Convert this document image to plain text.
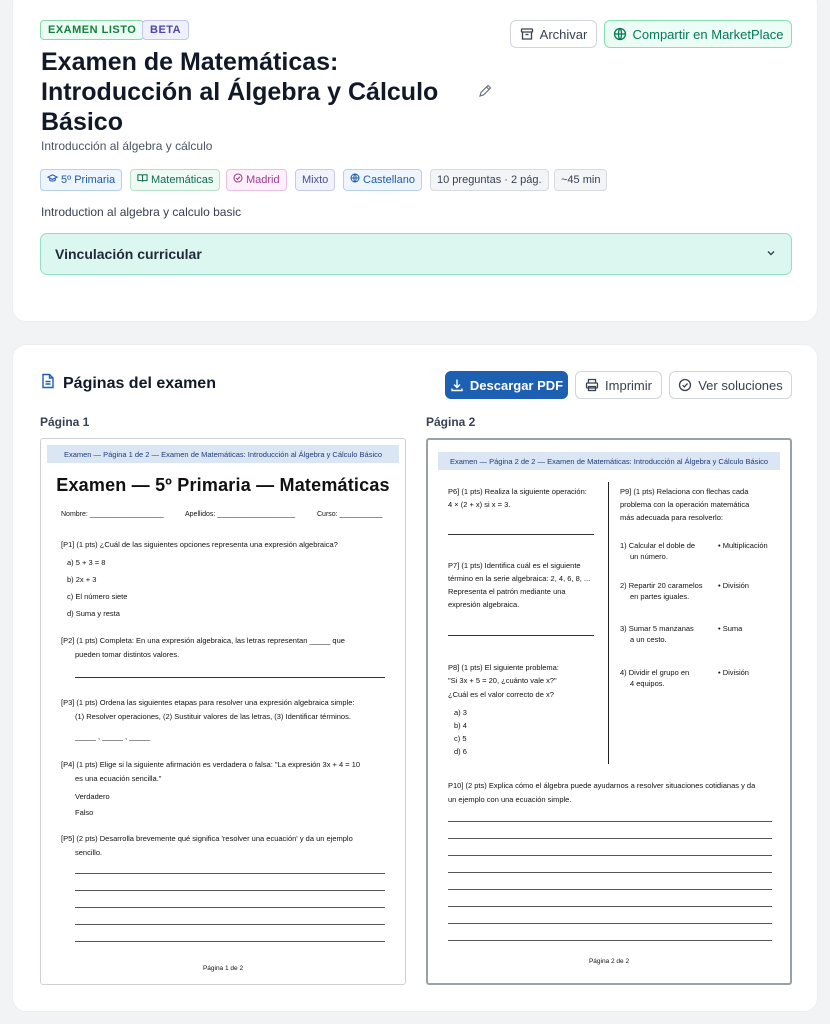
EXAMEN LISTO	BETA	Archivar	Compartir en MarketPlace
Examen de Matemáticas:
Introducción al Álgebra y Cálculo
Básico
Introducción al álgebra y cálculo
5º Primaria	Matemáticas	Madrid Mixto	Castellano	10 preguntas · 2 pág.	~45 min
Introduction al algebra y calculo basic
Vinculación curricular
Páginas del examen	Descargar PDF	Imprimir	Ver soluciones
Página 1	Página 2
Examen — Página 1 de 2 — Examen de Matemáticas: Introducción al Álgebra y Cálculo Básico
Examen — 5º Primaria — Matemáticas
Nombre: ___________________	Apellidos: ____________________	Curso: ___________
[P1] (1 pts) ¿Cuál de las siguientes opciones representa una expresión algebraica?
a) 5 + 3 = 8
b) 2x + 3
c) El número siete
d) Suma y resta
[P2] (1 pts) Completa: En una expresión algebraica, las letras representan _____ que
pueden tomar distintos valores.
[P3] (1 pts) Ordena las siguientes etapas para resolver una expresión algebraica simple:
(1) Resolver operaciones, (2) Sustituir valores de las letras, (3) Identificar términos.
_____ , _____ , _____
[P4] (1 pts) Elige si la siguiente afirmación es verdadera o falsa: "La expresión 3x + 4 = 10
es una ecuación sencilla."
Verdadero
Falso
[P5] (2 pts) Desarrolla brevemente qué significa 'resolver una ecuación' y da un ejemplo
sencillo.
Página 1 de 2
Examen — Página 2 de 2 — Examen de Matemáticas: Introducción al Álgebra y Cálculo Básico
P6] (1 pts) Realiza la siguiente operación:
4 × (2 + x) si x = 3.
P7] (1 pts) Identifica cuál es el siguiente
término en la serie algebraica: 2, 4, 6, 8, ...
Representa el patrón mediante una
expresión algebraica.
P8] (1 pts) El siguiente problema:
"Si 3x + 5 = 20, ¿cuánto vale x?"
¿Cuál es el valor correcto de x?
a) 3
b) 4
c) 5
d) 6
P9] (1 pts) Relaciona con flechas cada
problema con la operación matemática
más adecuada para resolverlo:
1) Calcular el doble de
un número.
• Multiplicación
2) Repartir 20 caramelos
en partes iguales.
• División
3) Sumar 5 manzanas
a un cesto.
• Suma
4) Dividir el grupo en
4 equipos.
• División
P10] (2 pts) Explica cómo el álgebra puede ayudarnos a resolver situaciones cotidianas y da
un ejemplo con una ecuación simple.
Página 2 de 2
